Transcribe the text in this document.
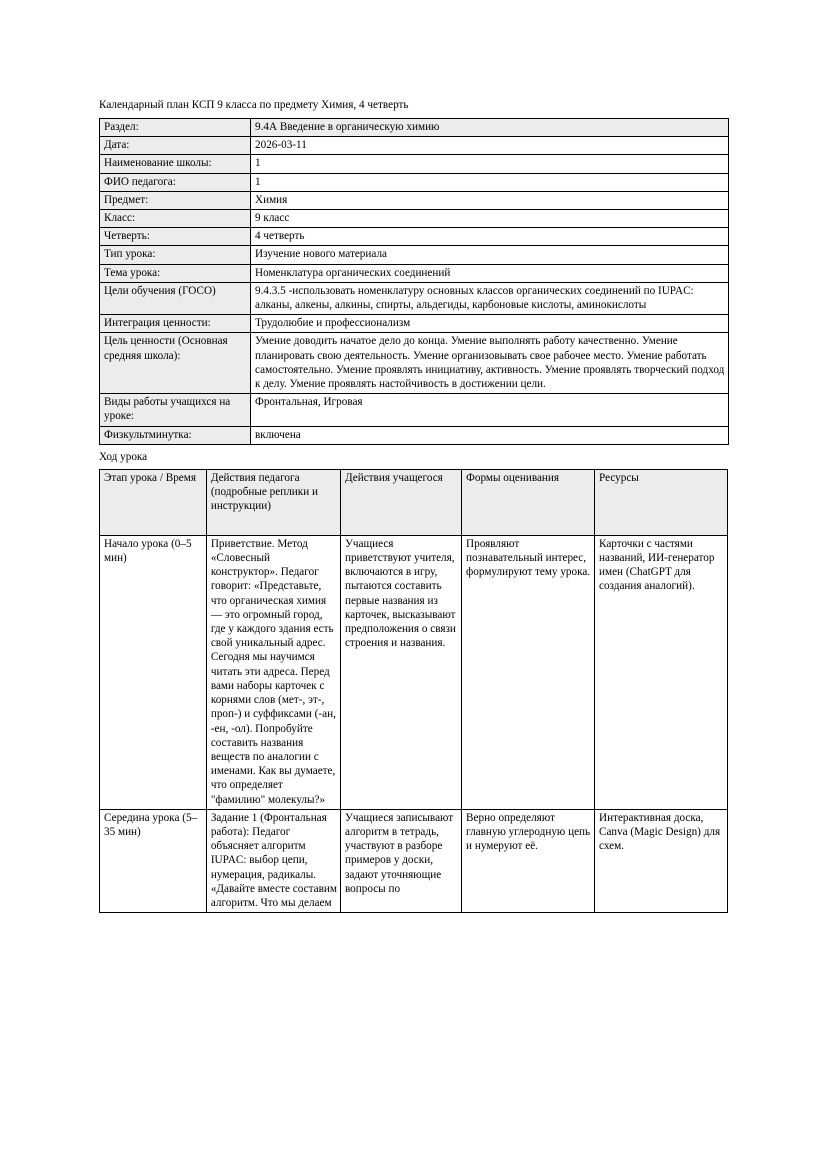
Календарный план КСП 9 класса по предмету Химия, 4 четверть

Раздел:	9.4А Введение в органическую химию
Дата:	2026-03-11
Наименование школы:	1
ФИО педагога:	1
Предмет:	Химия
Класс:	9 класс
Четверть:	4 четверть
Тип урока:	Изучение нового материала
Тема урока:	Номенклатура органических соединений
Цели обучения (ГОСО)	9.4.3.5 -использовать номенклатуру основных классов органических соединений по IUPAC: алканы, алкены, алкины, спирты, альдегиды, карбоновые кислоты, аминокислоты
Интеграция ценности:	Трудолюбие и профессионализм
Цель ценности (Основная средняя школа):	Умение доводить начатое дело до конца. Умение выполнять работу качественно. Умение планировать свою деятельность. Умение организовывать свое рабочее место. Умение работать самостоятельно. Умение проявлять инициативу, активность. Умение проявлять творческий подход к делу. Умение проявлять настойчивость в достижении цели.
Виды работы учащихся на уроке:	Фронтальная, Игровая
Физкультминутка:	включена

Ход урока

Этап урока / Время	Действия педагога (подробные реплики и инструкции)	Действия учащегося	Формы оценивания	Ресурсы
Начало урока (0–5 мин)	Приветствие. Метод «Словесный конструктор». Педагог говорит: «Представьте, что органическая химия — это огромный город, где у каждого здания есть свой уникальный адрес. Сегодня мы научимся читать эти адреса. Перед вами наборы карточек с корнями слов (мет-, эт-, проп-) и суффиксами (-ан, -ен, -ол). Попробуйте составить названия веществ по аналогии с именами. Как вы думаете, что определяет "фамилию" молекулы?»	Учащиеся приветствуют учителя, включаются в игру, пытаются составить первые названия из карточек, высказывают предположения о связи строения и названия.	Проявляют познавательный интерес, формулируют тему урока.	Карточки с частями названий, ИИ-генератор имен (ChatGPT для создания аналогий).
Середина урока (5–35 мин)	Задание 1 (Фронтальная работа): Педагог объясняет алгоритм IUPAC: выбор цепи, нумерация, радикалы. «Давайте вместе составим алгоритм. Что мы делаем	Учащиеся записывают алгоритм в тетрадь, участвуют в разборе примеров у доски, задают уточняющие вопросы по	Верно определяют главную углеродную цепь и нумеруют её.	Интерактивная доска, Canva (Magic Design) для схем.
